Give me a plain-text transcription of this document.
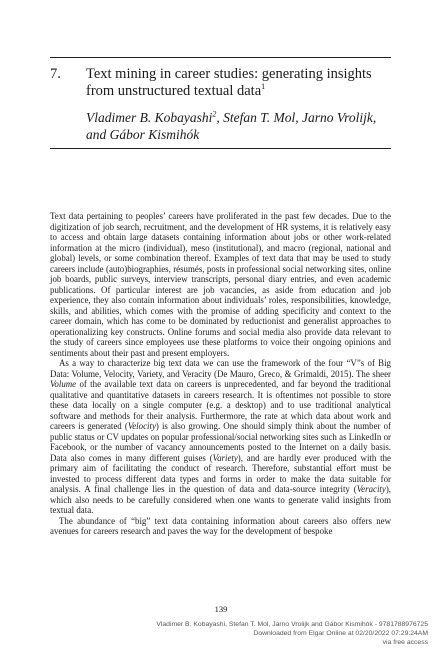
7. Text mining in career studies: generating insights from unstructured textual data$^1$
Vladimer B. Kobayashi$^2$, Stefan T. Mol, Jarno Vrolijk, and Gábor Kismihók

Text data pertaining to peoples’ careers have proliferated in the past few decades. Due to the digitization of job search, recruitment, and the development of HR systems, it is relatively easy to access and obtain large datasets containing information about jobs or other work-related information at the micro (individual), meso (institutional), and macro (regional, national and global) levels, or some combination thereof. Examples of text data that may be used to study careers include (auto)biographies, résumés, posts in professional social networking sites, online job boards, public surveys, interview transcripts, personal diary entries, and even academic publications. Of particular interest are job vacancies, as aside from education and job experience, they also contain information about individuals’ roles, responsibilities, knowledge, skills, and abilities, which comes with the promise of adding specificity and context to the career domain, which has come to be dominated by reductionist and generalist approaches to operationalizing key constructs. Online forums and social media also provide data relevant to the study of careers since employees use these platforms to voice their ongoing opinions and sentiments about their past and present employers.

As a way to characterize big text data we can use the framework of the four “V”s of Big Data: Volume, Velocity, Variety, and Veracity (De Mauro, Greco, & Grimaldi, 2015). The sheer Volume of the available text data on careers is unprecedented, and far beyond the traditional qualitative and quantitative datasets in careers research. It is oftentimes not possible to store these data locally on a single computer (e.g. a desktop) and to use traditional analytical software and methods for their analysis. Furthermore, the rate at which data about work and careers is generated (Velocity) is also growing. One should simply think about the number of public status or CV updates on popular professional/social networking sites such as LinkedIn or Facebook, or the number of vacancy announcements posted to the Internet on a daily basis. Data also comes in many different guises (Variety), and are hardly ever produced with the primary aim of facilitating the conduct of research. Therefore, substantial effort must be invested to process different data types and forms in order to make the data suitable for analysis. A final challenge lies in the question of data and data-source integrity (Veracity), which also needs to be carefully considered when one wants to generate valid insights from textual data.

The abundance of “big” text data containing information about careers also offers new avenues for careers research and paves the way for the development of bespoke

139
Vladimer B. Kobayashi, Stefan T. Mol, Jarno Vrolijk and Gábor Kismihók - 9781788976725
Downloaded from Elgar Online at 02/20/2022 07:29:24AM
via free access
